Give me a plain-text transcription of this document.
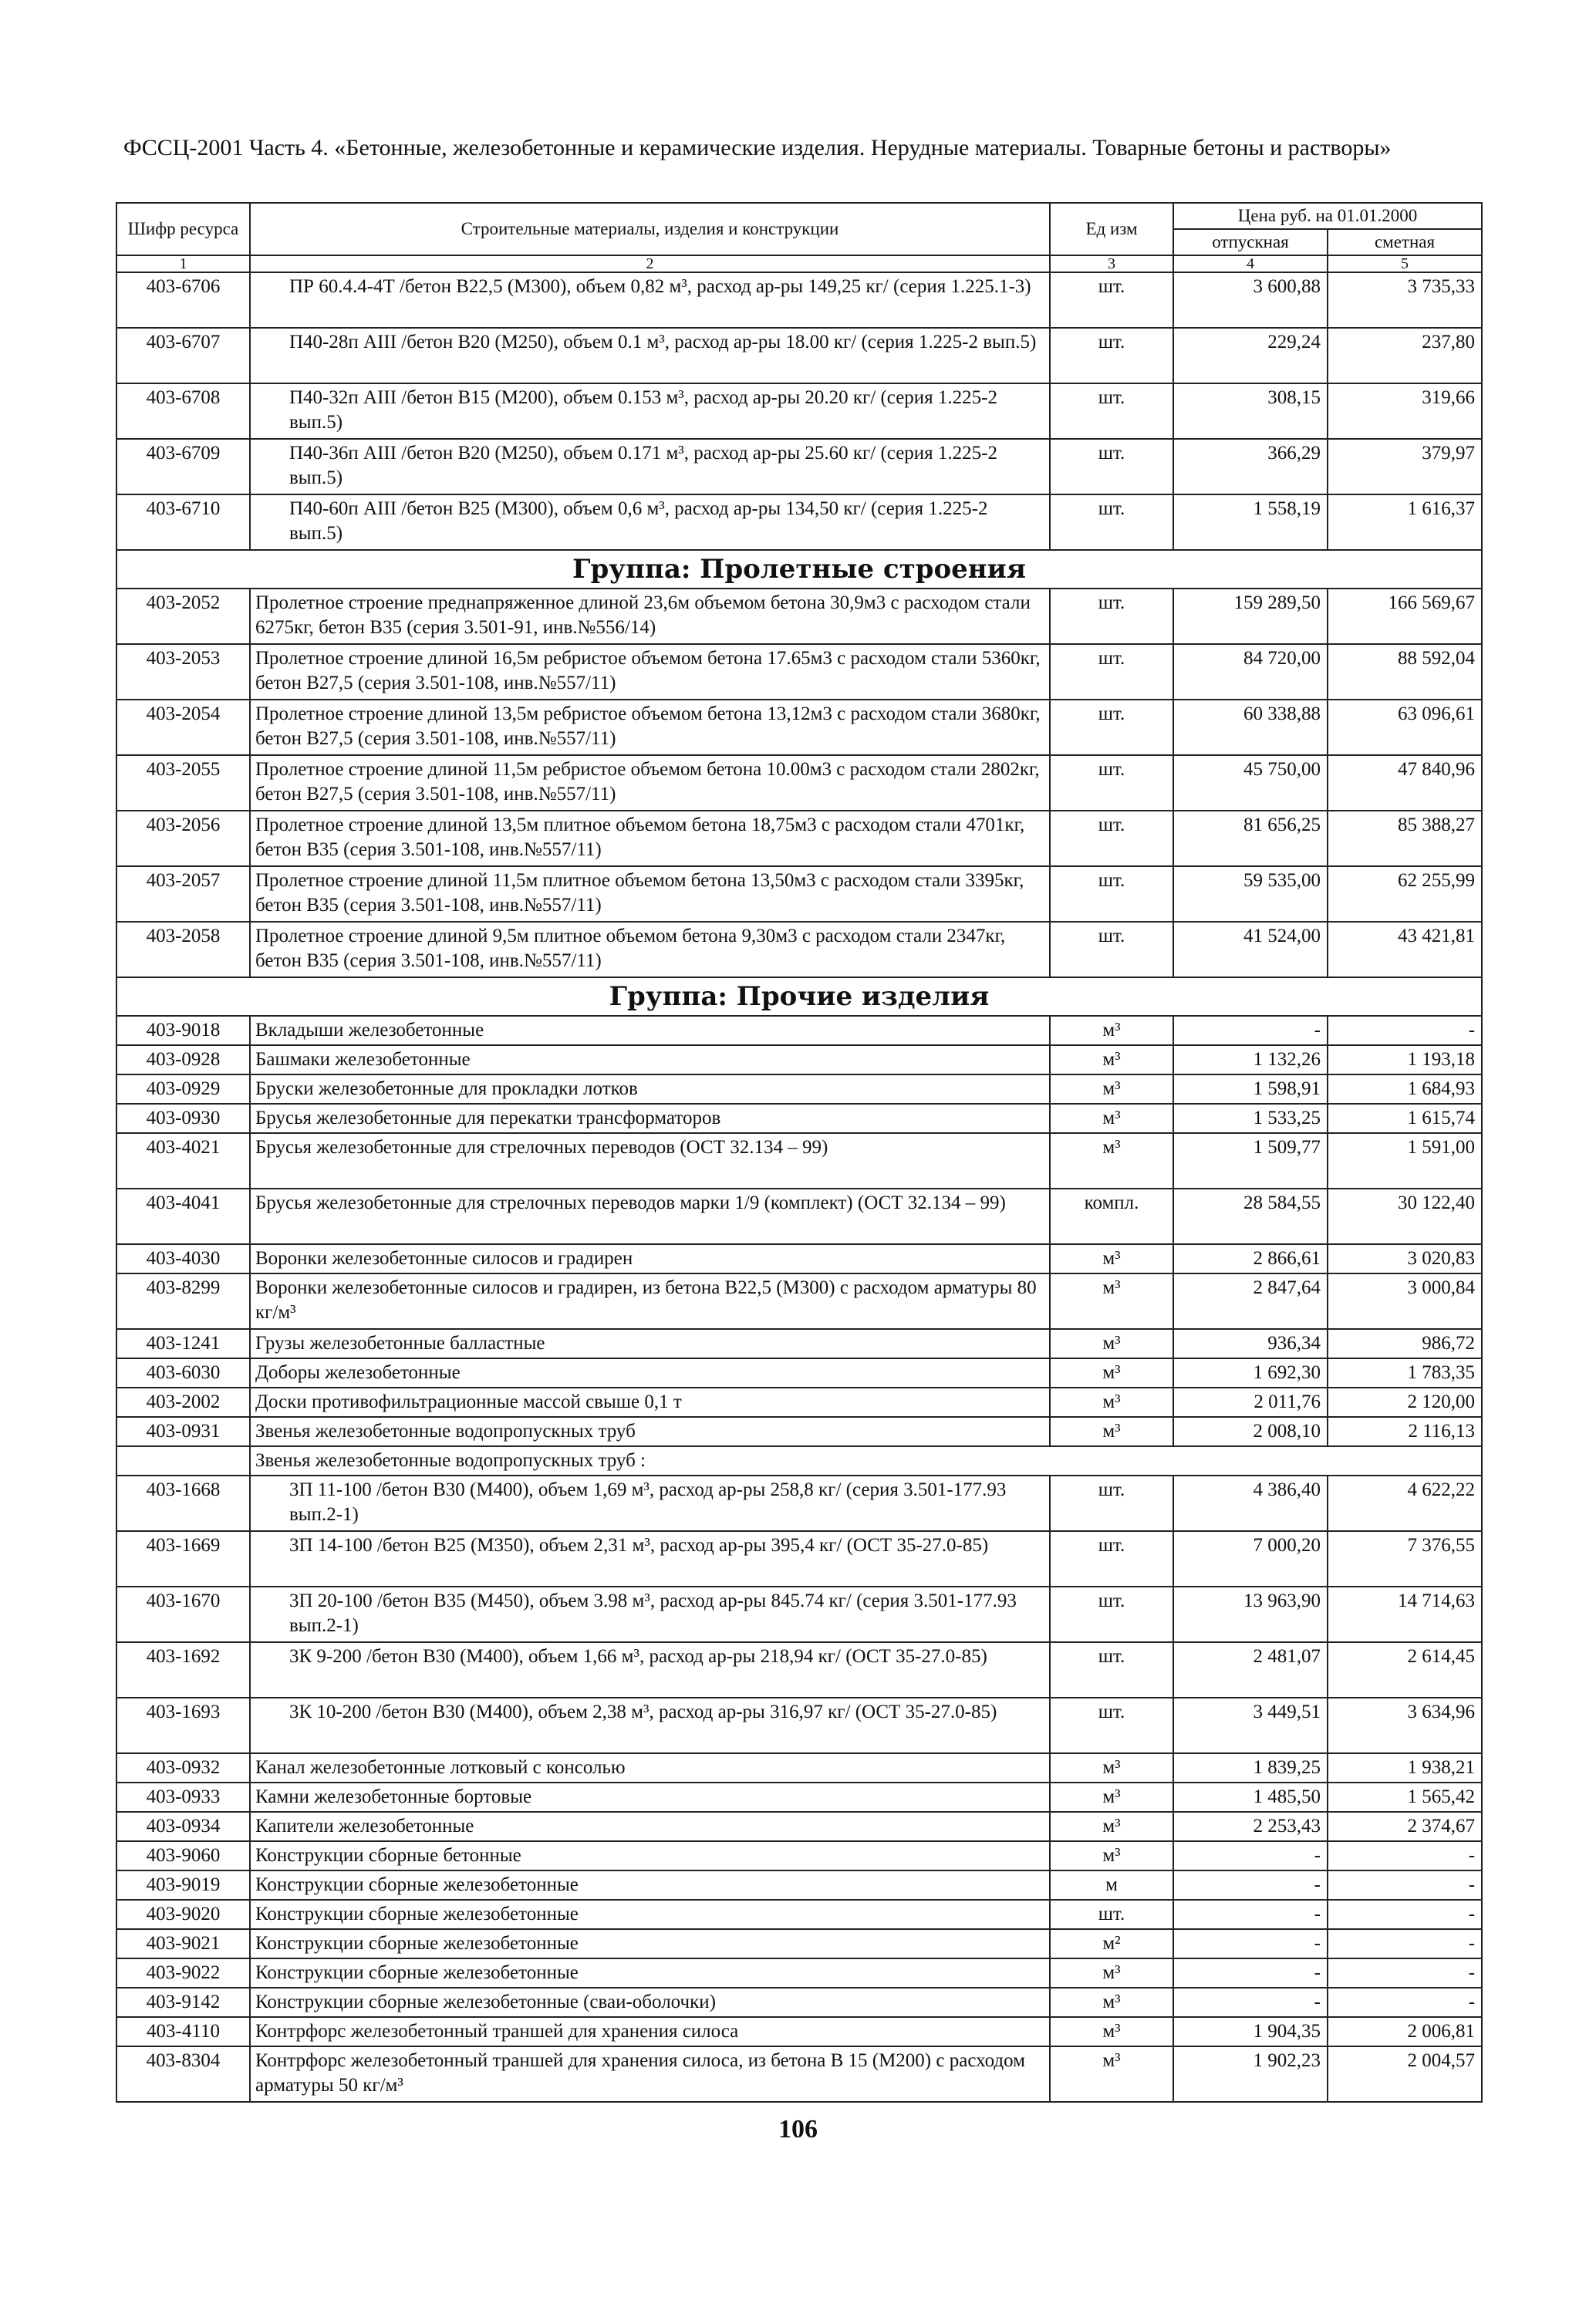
ФССЦ-2001 Часть 4. «Бетонные, железобетонные и керамические изделия. Нерудные материалы. Товарные бетоны и растворы»
Шифр ресурса	Строительные материалы, изделия и конструкции	Ед изм	Цена руб. на 01.01.2000	
			отпускная	сметная
1	2	3	4	5
403-6706	ПР 60.4.4-4Т /бетон В22,5 (М300), объем 0,82 м³, расход ар-ры 149,25 кг/ (серия 1.225.1-3)	шт.	3 600,88	3 735,33
403-6707	П40-28п АIII /бетон В20 (М250), объем 0.1 м³, расход ар-ры 18.00 кг/ (серия 1.225-2 вып.5)	шт.	229,24	237,80
403-6708	П40-32п АIII /бетон В15 (М200), объем 0.153 м³, расход ар-ры 20.20 кг/ (серия 1.225-2 вып.5)	шт.	308,15	319,66
403-6709	П40-36п АIII /бетон В20 (М250), объем 0.171 м³, расход ар-ры 25.60 кг/ (серия 1.225-2 вып.5)	шт.	366,29	379,97
403-6710	П40-60п АIII /бетон В25 (М300), объем 0,6 м³, расход ар-ры 134,50 кг/ (серия 1.225-2 вып.5)	шт.	1 558,19	1 616,37
Группа: Пролетные строения				
403-2052	Пролетное строение преднапряженное длиной 23,6м объемом бетона 30,9м3 с расходом стали 6275кг, бетон В35 (серия 3.501-91, инв.№556/14)	шт.	159 289,50	166 569,67
403-2053	Пролетное строение длиной 16,5м ребристое объемом бетона 17.65м3 с расходом стали 5360кг, бетон В27,5 (серия 3.501-108, инв.№557/11)	шт.	84 720,00	88 592,04
403-2054	Пролетное строение длиной 13,5м ребристое объемом бетона 13,12м3 с расходом стали 3680кг, бетон В27,5 (серия 3.501-108, инв.№557/11)	шт.	60 338,88	63 096,61
403-2055	Пролетное строение длиной 11,5м ребристое объемом бетона 10.00м3 с расходом стали 2802кг, бетон В27,5 (серия 3.501-108, инв.№557/11)	шт.	45 750,00	47 840,96
403-2056	Пролетное строение длиной 13,5м плитное объемом бетона 18,75м3 с расходом стали 4701кг, бетон В35 (серия 3.501-108, инв.№557/11)	шт.	81 656,25	85 388,27
403-2057	Пролетное строение длиной 11,5м плитное объемом бетона 13,50м3 с расходом стали 3395кг, бетон В35 (серия 3.501-108, инв.№557/11)	шт.	59 535,00	62 255,99
403-2058	Пролетное строение длиной 9,5м плитное объемом бетона 9,30м3 с расходом стали 2347кг, бетон В35 (серия 3.501-108, инв.№557/11)	шт.	41 524,00	43 421,81
Группа: Прочие изделия				
403-9018	Вкладыши железобетонные	м³	-	-
403-0928	Башмаки железобетонные	м³	1 132,26	1 193,18
403-0929	Бруски железобетонные для прокладки лотков	м³	1 598,91	1 684,93
403-0930	Брусья железобетонные для перекатки трансформаторов	м³	1 533,25	1 615,74
403-4021	Брусья железобетонные для стрелочных переводов (ОСТ 32.134 – 99)	м³	1 509,77	1 591,00
403-4041	Брусья железобетонные для стрелочных переводов марки 1/9 (комплект) (ОСТ 32.134 – 99)	компл.	28 584,55	30 122,40
403-4030	Воронки железобетонные силосов и градирен	м³	2 866,61	3 020,83
403-8299	Воронки железобетонные силосов и градирен, из бетона В22,5 (М300) с расходом арматуры 80 кг/м³	м³	2 847,64	3 000,84
403-1241	Грузы железобетонные балластные	м³	936,34	986,72
403-6030	Доборы железобетонные	м³	1 692,30	1 783,35
403-2002	Доски противофильтрационные массой свыше 0,1 т	м³	2 011,76	2 120,00
403-0931	Звенья железобетонные водопропускных труб	м³	2 008,10	2 116,13
	Звенья железобетонные водопропускных труб :			
403-1668	3П 11-100 /бетон В30 (М400), объем 1,69 м³, расход ар-ры 258,8 кг/ (серия 3.501-177.93 вып.2-1)	шт.	4 386,40	4 622,22
403-1669	3П 14-100 /бетон В25 (М350), объем 2,31 м³, расход ар-ры 395,4 кг/ (ОСТ 35-27.0-85)	шт.	7 000,20	7 376,55
403-1670	3П 20-100 /бетон В35 (М450), объем 3.98 м³, расход ар-ры 845.74 кг/ (серия 3.501-177.93 вып.2-1)	шт.	13 963,90	14 714,63
403-1692	3К 9-200 /бетон В30 (М400), объем 1,66 м³, расход ар-ры 218,94 кг/ (ОСТ 35-27.0-85)	шт.	2 481,07	2 614,45
403-1693	3К 10-200 /бетон В30 (М400), объем 2,38 м³, расход ар-ры 316,97 кг/ (ОСТ 35-27.0-85)	шт.	3 449,51	3 634,96
403-0932	Канал железобетонные лотковый с консолью	м³	1 839,25	1 938,21
403-0933	Камни железобетонные бортовые	м³	1 485,50	1 565,42
403-0934	Капители железобетонные	м³	2 253,43	2 374,67
403-9060	Конструкции сборные бетонные	м³	-	-
403-9019	Конструкции сборные железобетонные	м	-	-
403-9020	Конструкции сборные железобетонные	шт.	-	-
403-9021	Конструкции сборные железобетонные	м²	-	-
403-9022	Конструкции сборные железобетонные	м³	-	-
403-9142	Конструкции сборные железобетонные (сваи-оболочки)	м³	-	-
403-4110	Контрфорс железобетонный траншей для хранения силоса	м³	1 904,35	2 006,81
403-8304	Контрфорс железобетонный траншей для хранения силоса, из бетона В 15 (М200) с расходом арматуры 50 кг/м³	м³	1 902,23	2 004,57
106
